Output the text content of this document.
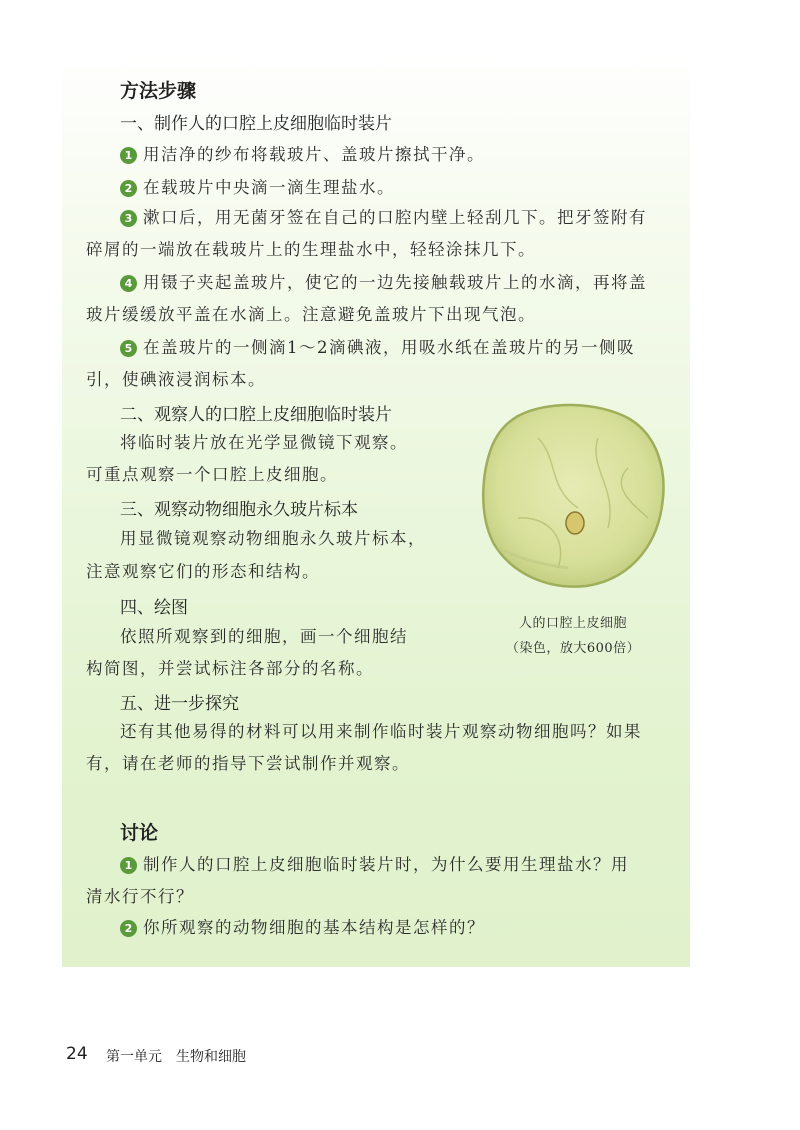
方法步骤
一、制作人的口腔上皮细胞临时装片
1 用洁净的纱布将载玻片、盖玻片擦拭干净。
2 在载玻片中央滴一滴生理盐水。
3 漱口后，用无菌牙签在自己的口腔内壁上轻刮几下。把牙签附有
碎屑的一端放在载玻片上的生理盐水中，轻轻涂抹几下。
4 用镊子夹起盖玻片，使它的一边先接触载玻片上的水滴，再将盖
玻片缓缓放平盖在水滴上。注意避免盖玻片下出现气泡。
5 在盖玻片的一侧滴1～2滴碘液，用吸水纸在盖玻片的另一侧吸
引，使碘液浸润标本。
二、观察人的口腔上皮细胞临时装片
将临时装片放在光学显微镜下观察。
可重点观察一个口腔上皮细胞。
三、观察动物细胞永久玻片标本
用显微镜观察动物细胞永久玻片标本，
注意观察它们的形态和结构。
四、绘图
依照所观察到的细胞，画一个细胞结
构简图，并尝试标注各部分的名称。
五、进一步探究
还有其他易得的材料可以用来制作临时装片观察动物细胞吗？如果
有，请在老师的指导下尝试制作并观察。
人的口腔上皮细胞
（染色，放大600倍）
讨论
1 制作人的口腔上皮细胞临时装片时，为什么要用生理盐水？用
清水行不行？
2 你所观察的动物细胞的基本结构是怎样的？
24 第一单元　生物和细胞
